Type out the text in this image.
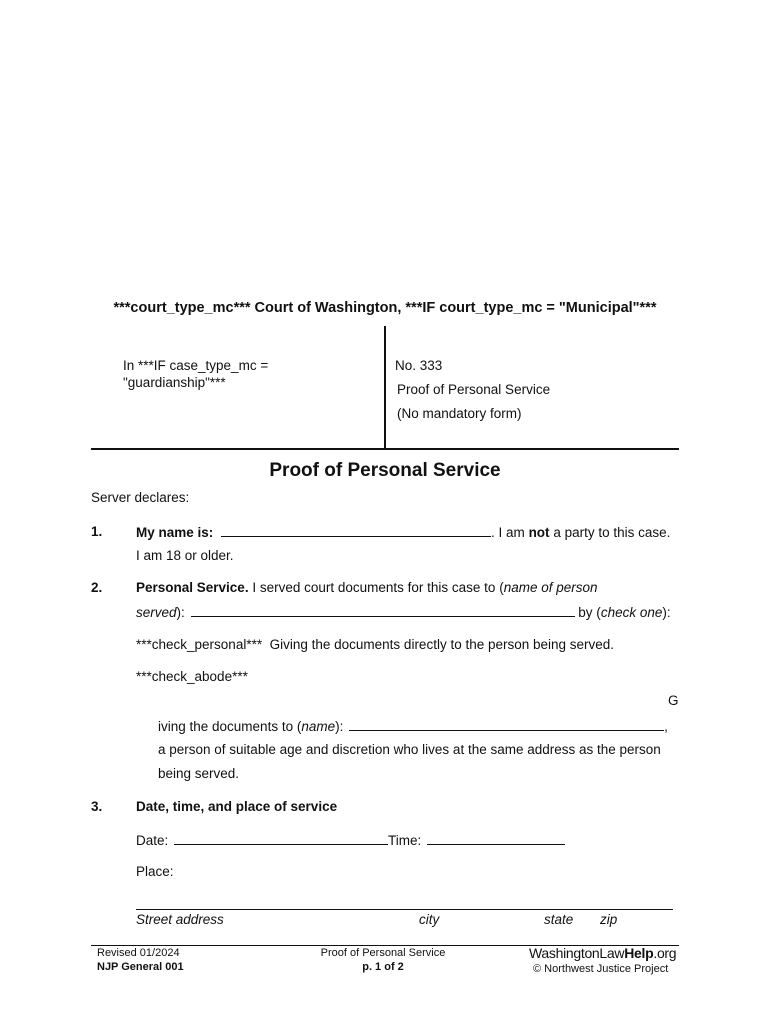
***court_type_mc*** Court of Washington, ***IF court_type_mc = "Municipal"***
In ***IF case_type_mc = "guardianship"***
No. 333
Proof of Personal Service
(No mandatory form)
Proof of Personal Service
Server declares:
1. My name is:	. I am not a party to this case.
I am 18 or older.
2. Personal Service. I served court documents for this case to (name of person
served):	by (check one):
***check_personal*** Giving the documents directly to the person being served.
***check_abode***
G
iving the documents to (name):	,
a person of suitable age and discretion who lives at the same address as the person
being served.
3. Date, time, and place of service
Date:	Time:
Place:
Street address	city	state zip
Revised 01/2024
NJP General 001
Proof of Personal Service
p. 1 of 2
WashingtonLawHelp.org
© Northwest Justice Project
